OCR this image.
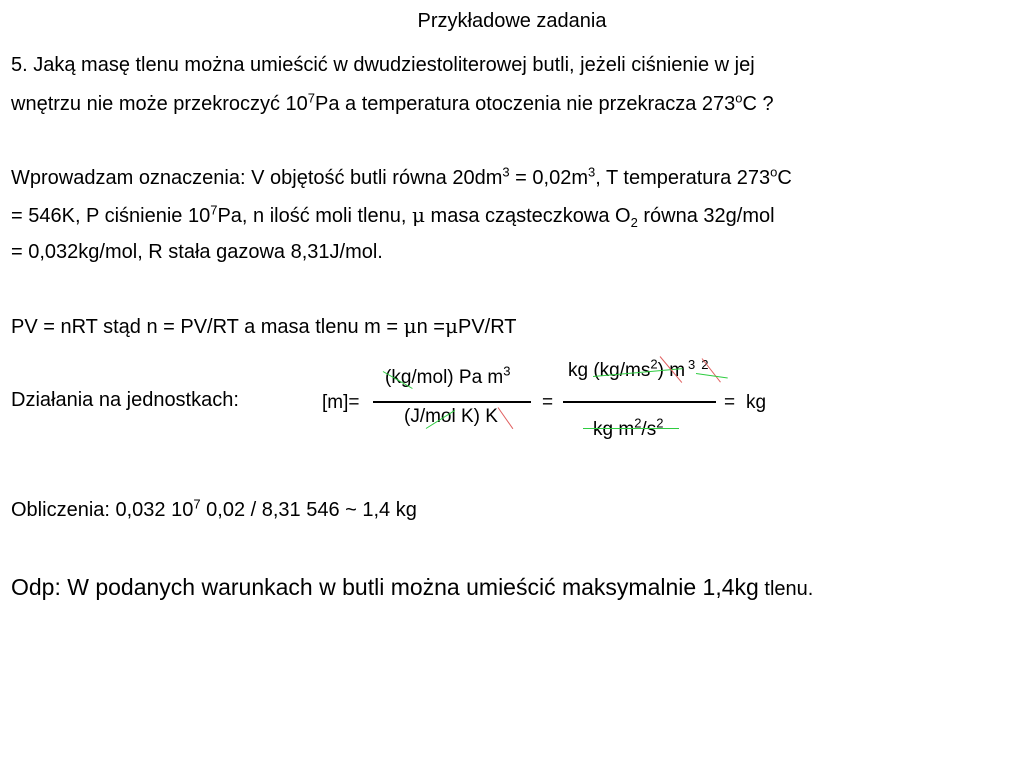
Przykładowe zadania
5. Jaką masę tlenu można umieścić w dwudziestoliterowej butli, jeżeli ciśnienie w jej
wnętrzu nie może przekroczyć $10^7Pa$ a temperatura otoczenia nie przekracza 273$^o$C ?
Wprowadzam oznaczenia: V objętość butli równa $20dm^3 = 0,02m^3$, T temperatura $273^oC$
= 546K, P ciśnienie $10^7Pa$, n ilość moli tlenu, μ masa cząsteczkowa $O_2$ równa 32g/mol
= 0,032kg/mol, R stała gazowa 8,31J/mol.
PV = nRT stąd n = PV/RT a masa tlenu m = μn =μPV/RT
Działania na jednostkach:	[m]=
(kg/mol) Pa $m^3$
(J/mol K) K
=
kg $(kg/ms^2)$ m $^3$ $^2$
kg $m^2/s^2$
= kg
Obliczenia: 0,032 $10^7$ 0,02 / 8,31 546 ~ 1,4 kg
Odp: W podanych warunkach w butli można umieścić maksymalnie 1,4kg tlenu.
